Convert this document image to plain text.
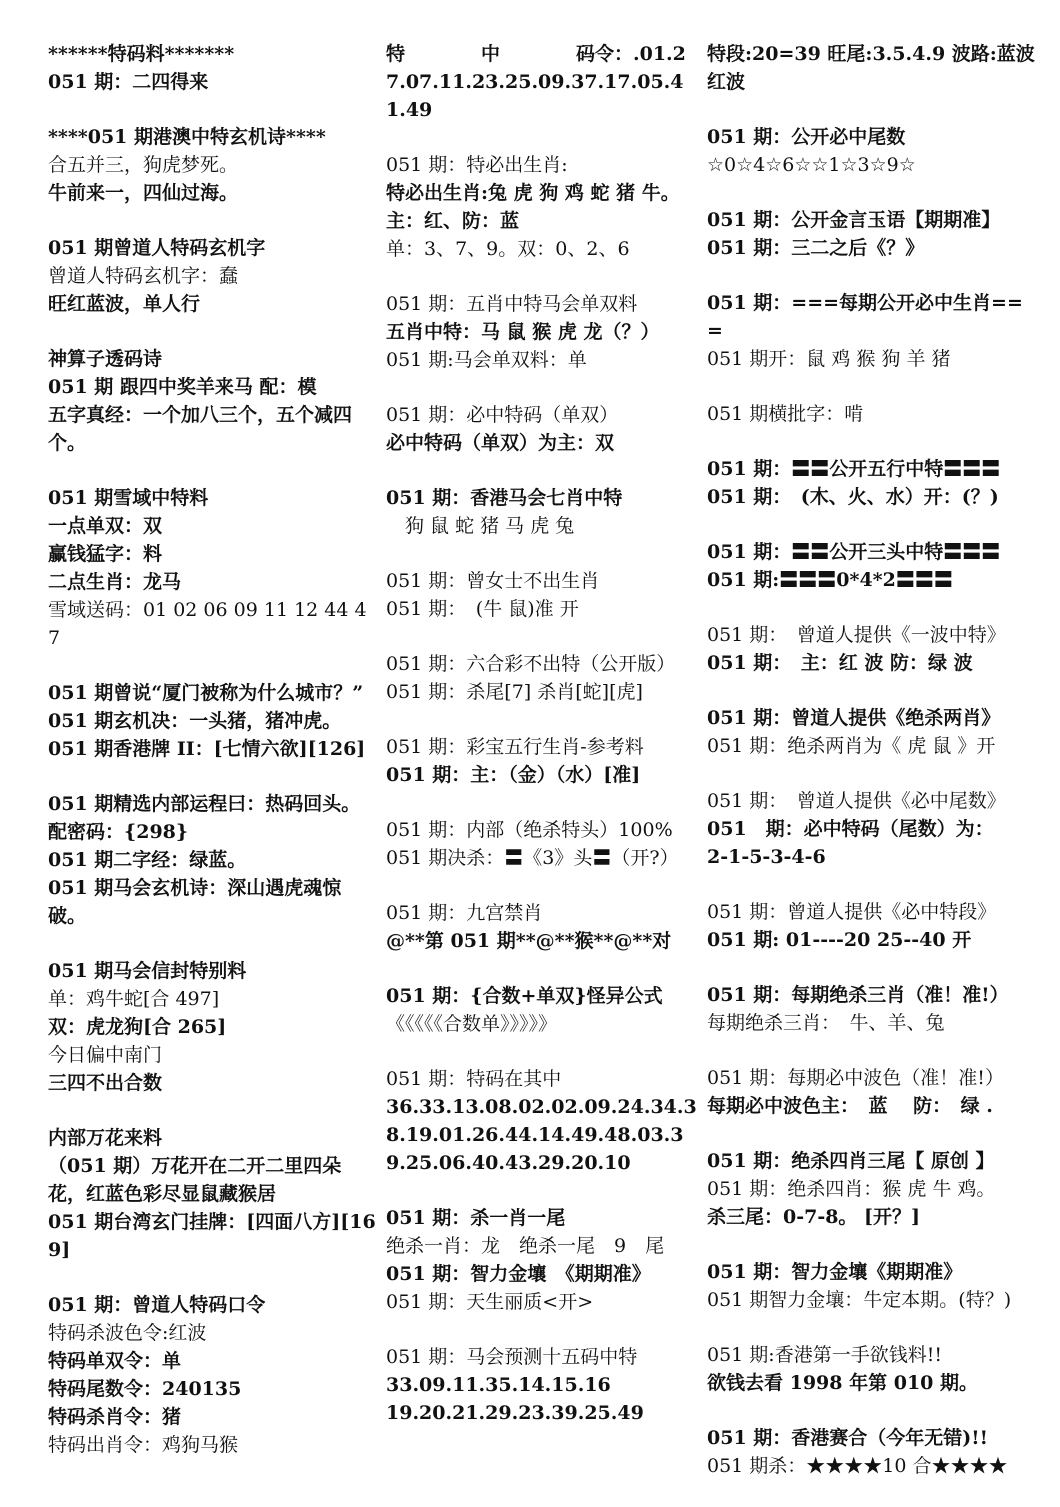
******特码料*******
051 期：二四得来
****051 期港澳中特玄机诗****
合五并三，狗虎梦死。
牛前来一，四仙过海。
051 期曾道人特码玄机字
曾道人特码玄机字：蠢
旺红蓝波，单人行
神算子透码诗
051 期 跟四中奖羊来马 配：模
五字真经：一个加八三个，五个减四个。
051 期雪域中特料
一点单双：双
赢钱猛字：料
二点生肖：龙马
雪域送码：01 02 06 09 11 12 44 47
051 期曾说“厦门被称为什么城市？”
051 期玄机决：一头猪，猪冲虎。
051 期香港牌 II：[七情六欲][126]
051 期精选内部运程曰：热码回头。
配密码：{298}
051 期二字经：绿蓝。
051 期马会玄机诗：深山遇虎魂惊破。
051 期马会信封特别料
单：鸡牛蛇[合 497]
双：虎龙狗[合 265]
今日偏中南门
三四不出合数
内部万花来料
（051 期）万花开在二开二里四朵花，红蓝色彩尽显鼠藏猴居
051 期台湾玄门挂牌：[四面八方][169]
051 期：曾道人特码口令
特码杀波色令:红波
特码单双令：单
特码尾数令：240135
特码杀肖令：猪
特码出肖令：鸡狗马猴
特　　　　中　　　　码令：.01.27.07.11.23.25.09.37.17.05.41.49
051 期：特必出生肖:
特必出生肖:兔 虎 狗 鸡 蛇 猪 牛。
主：红、防：蓝
单：3、7、9。双：0、2、6
051 期：五肖中特马会单双料
五肖中特：马 鼠 猴 虎 龙（？）
051 期:马会单双料：单
051 期：必中特码（单双）
必中特码（单双）为主：双
051 期：香港马会七肖中特
　狗 鼠 蛇 猪 马 虎 兔
051 期：曾女士不出生肖
051 期：　(牛 鼠)准 开
051 期：六合彩不出特（公开版）
051 期：杀尾[7] 杀肖[蛇][虎]
051 期：彩宝五行生肖-参考料
051 期：主：（金）（水）[准]
051 期：内部（绝杀特头）100%
051 期决杀：〓《3》头〓（开?）
051 期：九宫禁肖
@**第 051 期**@**猴**@**对
051 期：{合数+单双}怪异公式
《《《《《合数单》》》》》
051 期：特码在其中
36.33.13.08.02.02.09.24.34.38.19.01.26.44.14.49.48.03.39.25.06.40.43.29.20.10
051 期：杀一肖一尾
绝杀一肖：龙　绝杀一尾　9　尾
051 期：智力金壤　《期期准》
051 期：天生丽质<开>
051 期：马会预测十五码中特
33.09.11.35.14.15.16
19.20.21.29.23.39.25.49
特段:20=39 旺尾:3.5.4.9 波路:蓝波红波
051 期：公开必中尾数
☆0☆4☆6☆☆1☆3☆9☆
051 期：公开金言玉语【期期准】
051 期：三二之后《？》
051 期：===每期公开必中生肖===
051 期开：鼠 鸡 猴 狗 羊 猪
051 期横批字：啃
051 期：〓〓公开五行中特〓〓〓
051 期：　(木、火、水）开：(？)
051 期：〓〓公开三头中特〓〓〓
051 期:〓〓〓0*4*2〓〓〓
051 期：　曾道人提供《一波中特》
051 期：　主：红 波 防：绿 波
051 期：曾道人提供《绝杀两肖》
051 期：绝杀两肖为《 虎 鼠 》开
051 期：　曾道人提供《必中尾数》
051　期：必中特码（尾数）为：
2-1-5-3-4-6
051 期：曾道人提供《必中特段》
051 期: 01----20 25--40 开
051 期：每期绝杀三肖（准！准!）
每期绝杀三肖：　牛、羊、兔
051 期：每期必中波色（准！准!）
每期必中波色主：　蓝　 防：　绿 .
051 期：绝杀四肖三尾【 原创 】
051 期：绝杀四肖：猴 虎 牛 鸡。
杀三尾：0-7-8。 [开？]
051 期：智力金壤《期期准》
051 期智力金壤：牛定本期。(特？)
051 期:香港第一手欲钱料!!
欲钱去看 1998 年第 010 期。
051 期：香港赛合（今年无错)!!
051 期杀：★★★★10 合★★★★
